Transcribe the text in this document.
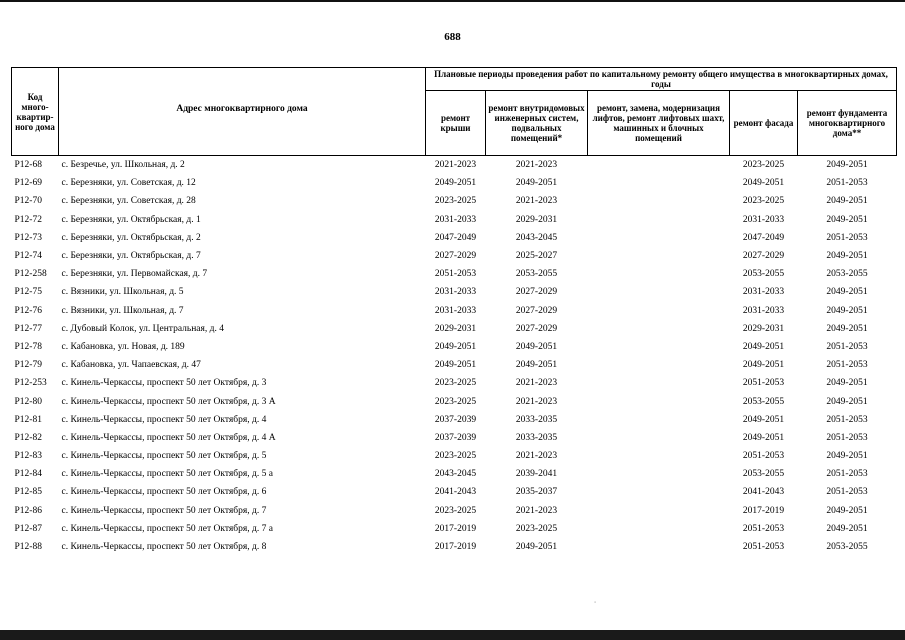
688
Код много-квартир-ного дома	Адрес многоквартирного дома	Плановые периоды проведения работ по капитальному ремонту общего имущества в многоквартирных домах, годы				
		ремонт крыши	ремонт внутридомовых инженерных систем, подвальных помещений*	ремонт, замена, модернизация лифтов, ремонт лифтовых шахт, машинных и блочных помещений	ремонт фасада	ремонт фундамента многоквартирного дома**
Р12-68	с. Безречье, ул. Школьная, д. 2	2021-2023	2021-2023		2023-2025	2049-2051
Р12-69	с. Березняки, ул. Советская, д. 12	2049-2051	2049-2051		2049-2051	2051-2053
Р12-70	с. Березняки, ул. Советская, д. 28	2023-2025	2021-2023		2023-2025	2049-2051
Р12-72	с. Березняки, ул. Октябрьская, д. 1	2031-2033	2029-2031		2031-2033	2049-2051
Р12-73	с. Березняки, ул. Октябрьская, д. 2	2047-2049	2043-2045		2047-2049	2051-2053
Р12-74	с. Березняки, ул. Октябрьская, д. 7	2027-2029	2025-2027		2027-2029	2049-2051
Р12-258	с. Березняки, ул. Первомайская, д. 7	2051-2053	2053-2055		2053-2055	2053-2055
Р12-75	с. Вязники, ул. Школьная, д. 5	2031-2033	2027-2029		2031-2033	2049-2051
Р12-76	с. Вязники, ул. Школьная, д. 7	2031-2033	2027-2029		2031-2033	2049-2051
Р12-77	с. Дубовый Колок, ул. Центральная, д. 4	2029-2031	2027-2029		2029-2031	2049-2051
Р12-78	с. Кабановка, ул. Новая, д. 189	2049-2051	2049-2051		2049-2051	2051-2053
Р12-79	с. Кабановка, ул. Чапаевская, д. 47	2049-2051	2049-2051		2049-2051	2051-2053
Р12-253	с. Кинель-Черкассы, проспект 50 лет Октября, д. 3	2023-2025	2021-2023		2051-2053	2049-2051
Р12-80	с. Кинель-Черкассы, проспект 50 лет Октября, д. 3 А	2023-2025	2021-2023		2053-2055	2049-2051
Р12-81	с. Кинель-Черкассы, проспект 50 лет Октября, д. 4	2037-2039	2033-2035		2049-2051	2051-2053
Р12-82	с. Кинель-Черкассы, проспект 50 лет Октября, д. 4 А	2037-2039	2033-2035		2049-2051	2051-2053
Р12-83	с. Кинель-Черкассы, проспект 50 лет Октября, д. 5	2023-2025	2021-2023		2051-2053	2049-2051
Р12-84	с. Кинель-Черкассы, проспект 50 лет Октября, д. 5 а	2043-2045	2039-2041		2053-2055	2051-2053
Р12-85	с. Кинель-Черкассы, проспект 50 лет Октября, д. 6	2041-2043	2035-2037		2041-2043	2051-2053
Р12-86	с. Кинель-Черкассы, проспект 50 лет Октября, д. 7	2023-2025	2021-2023		2017-2019	2049-2051
Р12-87	с. Кинель-Черкассы, проспект 50 лет Октября, д. 7 а	2017-2019	2023-2025		2051-2053	2049-2051
Р12-88	с. Кинель-Черкассы, проспект 50 лет Октября, д. 8	2017-2019	2049-2051		2051-2053	2053-2055
⸱
